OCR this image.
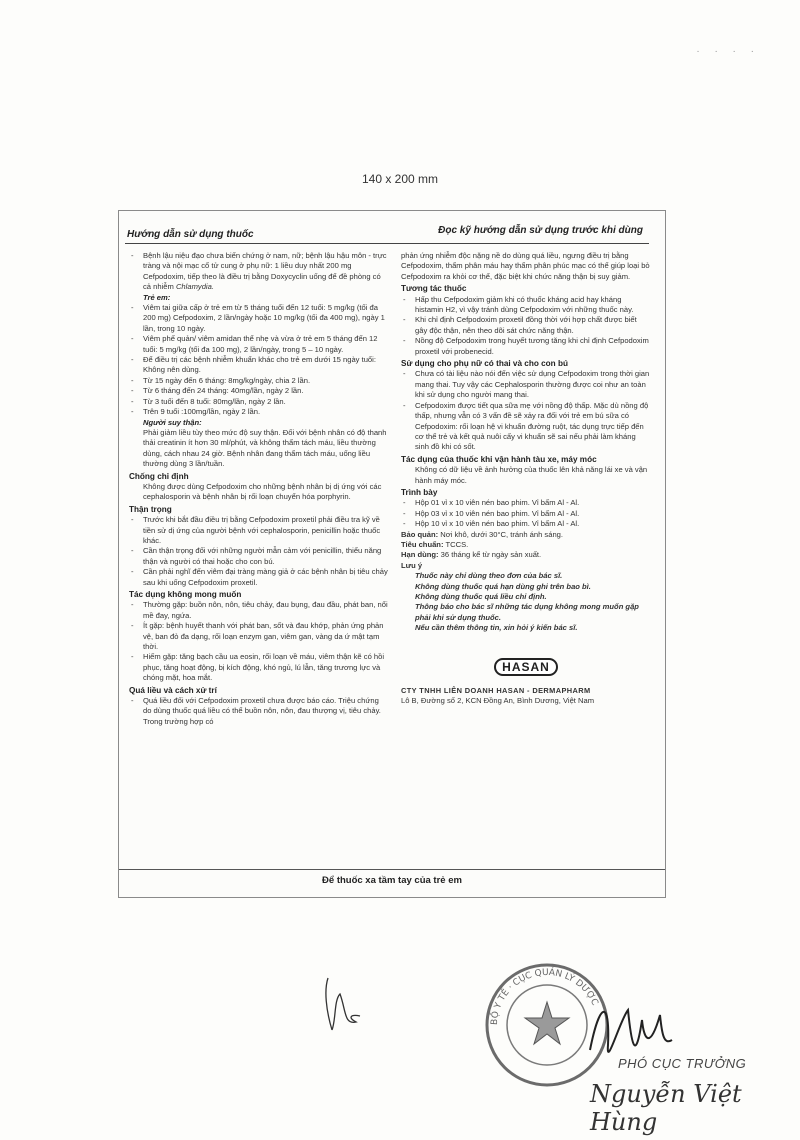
· · · ·
140 x 200 mm
Hướng dẫn sử dụng thuốc	Đọc kỹ hướng dẫn sử dụng trước khi dùng
- Bệnh lậu niệu đạo chưa biến chứng ở nam, nữ; bệnh lậu hậu môn - trực tràng và nội mạc cổ tử cung ở phụ nữ: 1 liều duy nhất 200 mg Cefpodoxim, tiếp theo là điều trị bằng Doxycyclin uống để đề phòng có cả nhiễm Chlamydia.
Trẻ em:
- Viêm tai giữa cấp ở trẻ em từ 5 tháng tuổi đến 12 tuổi: 5 mg/kg (tối đa 200 mg) Cefpodoxim, 2 lần/ngày hoặc 10 mg/kg (tối đa 400 mg), ngày 1 lần, trong 10 ngày.
- Viêm phế quản/ viêm amidan thể nhẹ và vừa ở trẻ em 5 tháng đến 12 tuổi: 5 mg/kg (tối đa 100 mg), 2 lần/ngày, trong 5 – 10 ngày.
- Để điều trị các bệnh nhiễm khuẩn khác cho trẻ em dưới 15 ngày tuổi: Không nên dùng.
- Từ 15 ngày đến 6 tháng: 8mg/kg/ngày, chia 2 lần.
- Từ 6 tháng đến 24 tháng: 40mg/lần, ngày 2 lần.
- Từ 3 tuổi đến 8 tuổi: 80mg/lần, ngày 2 lần.
- Trên 9 tuổi :100mg/lần, ngày 2 lần.
Người suy thận:

Phải giảm liều tùy theo mức độ suy thận. Đối với bệnh nhân có độ thanh thải creatinin ít hơn 30 ml/phút, và không thẩm tách máu, liều thường dùng, cách nhau 24 giờ. Bệnh nhân đang thẩm tách máu, uống liều thường dùng 3 lần/tuần.

Chống chỉ định

Không được dùng Cefpodoxim cho những bệnh nhân bị dị ứng với các cephalosporin và bệnh nhân bị rối loạn chuyển hóa porphyrin.

Thận trọng
- Trước khi bắt đầu điều trị bằng Cefpodoxim proxetil phải điều tra kỹ về tiền sử dị ứng của người bệnh với cephalosporin, penicillin hoặc thuốc khác.
- Cần thận trọng đối với những người mẫn cảm với penicillin, thiểu năng thận và người có thai hoặc cho con bú.
- Cần phải nghĩ đến viêm đại tràng màng giả ở các bệnh nhân bị tiêu chảy sau khi uống Cefpodoxim proxetil.
Tác dụng không mong muốn
- Thường gặp: buồn nôn, nôn, tiêu chảy, đau bụng, đau đầu, phát ban, nổi mề đay, ngứa.
- Ít gặp: bệnh huyết thanh với phát ban, sốt và đau khớp, phản ứng phản vệ, ban đỏ đa dạng, rối loạn enzym gan, viêm gan, vàng da ứ mật tạm thời.
- Hiếm gặp: tăng bạch cầu ua eosin, rối loạn về máu, viêm thận kẽ có hồi phục, tăng hoạt động, bị kích động, khó ngủ, lú lẫn, tăng trương lực và chóng mặt, hoa mắt.
Quá liều và cách xử trí
- Quá liều đối với Cefpodoxim proxetil chưa được báo cáo. Triệu chứng do dùng thuốc quá liều có thể buồn nôn, nôn, đau thượng vị, tiêu chảy. Trong trường hợp có

phản ứng nhiễm độc nặng nề do dùng quá liều, ngưng điều trị bằng Cefpodoxim, thẩm phân máu hay thẩm phân phúc mạc có thể giúp loại bỏ Cefpodoxim ra khỏi cơ thể, đặc biệt khi chức năng thận bị suy giảm.

Tương tác thuốc
- Hấp thu Cefpodoxim giảm khi có thuốc kháng acid hay kháng histamin H2, vì vậy tránh dùng Cefpodoxim với những thuốc này.
- Khi chỉ định Cefpodoxim proxetil đồng thời với hợp chất được biết gây độc thận, nên theo dõi sát chức năng thận.
- Nồng độ Cefpodoxim trong huyết tương tăng khi chỉ định Cefpodoxim proxetil với probenecid.
Sử dụng cho phụ nữ có thai và cho con bú
- Chưa có tài liệu nào nói đến việc sử dụng Cefpodoxim trong thời gian mang thai. Tuy vậy các Cephalosporin thường được coi như an toàn khi sử dụng cho người mang thai.
- Cefpodoxim được tiết qua sữa mẹ với nồng độ thấp. Mặc dù nồng độ thấp, nhưng vẫn có 3 vấn đề sẽ xảy ra đối với trẻ em bú sữa có Cefpodoxim: rối loạn hệ vi khuẩn đường ruột, tác dụng trực tiếp đến cơ thể trẻ và kết quả nuôi cấy vi khuẩn sẽ sai nếu phải làm kháng sinh đồ khi có sốt.
Tác dụng của thuốc khi vận hành tàu xe, máy móc

Không có dữ liệu về ảnh hưởng của thuốc lên khả năng lái xe và vận hành máy móc.

Trình bày
- Hộp 01 vỉ x 10 viên nén bao phim. Vỉ bấm Al - Al.
- Hộp 03 vỉ x 10 viên nén bao phim. Vỉ bấm Al - Al.
- Hộp 10 vỉ x 10 viên nén bao phim. Vỉ bấm Al - Al.
Bảo quản: Nơi khô, dưới 30°C, tránh ánh sáng.
Tiêu chuẩn: TCCS.
Hạn dùng: 36 tháng kể từ ngày sản xuất.
Lưu ý
Thuốc này chỉ dùng theo đơn của bác sĩ.
Không dùng thuốc quá hạn dùng ghi trên bao bì.
Không dùng thuốc quá liều chỉ định.
Thông báo cho bác sĩ những tác dụng không mong muốn gặp phải khi sử dụng thuốc.
Nếu cần thêm thông tin, xin hỏi ý kiến bác sĩ.
HASAN
CTY TNHH LIÊN DOANH HASAN - DERMAPHARM
Lô B, Đường số 2, KCN Đồng An, Bình Dương, Việt Nam
Để thuốc xa tầm tay của trẻ em
BỘ Y TẾ · CỤC QUẢN LÝ DƯỢC
PHÓ CỤC TRƯỞNG
Nguyễn Việt Hùng
